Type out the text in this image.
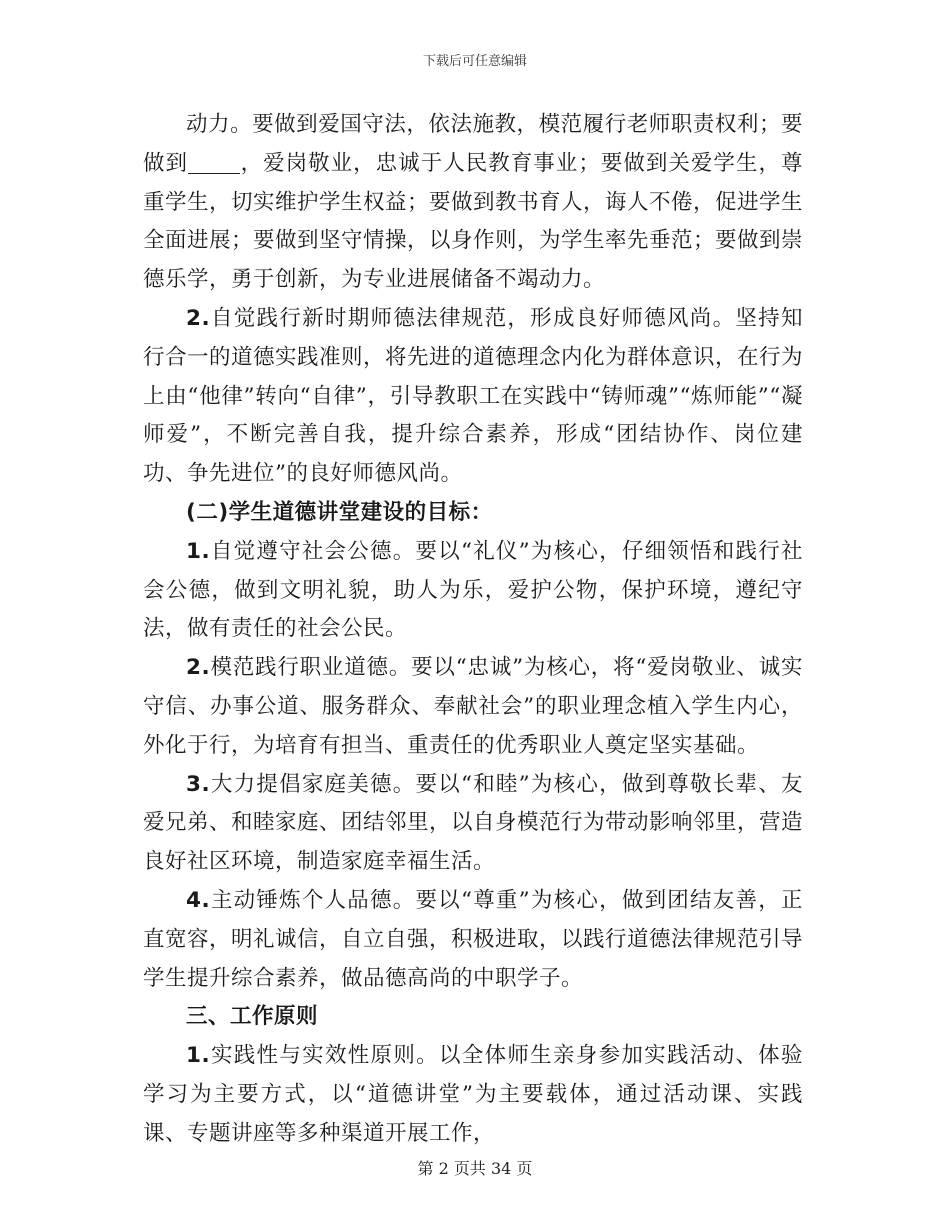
下载后可任意编辑

动力。要做到爱国守法，依法施教，模范履行老师职责权利；要做到 ，爱岗敬业，忠诚于人民教育事业；要做到关爱学生，尊重学生，切实维护学生权益；要做到教书育人，诲人不倦，促进学生全面进展；要做到坚守情操，以身作则，为学生率先垂范；要做到崇德乐学，勇于创新，为专业进展储备不竭动力。

2.自觉践行新时期师德法律规范，形成良好师德风尚。坚持知行合一的道德实践准则，将先进的道德理念内化为群体意识，在行为上由“他律”转向“自律”，引导教职工在实践中“铸师魂”“炼师能”“凝师爱”，不断完善自我，提升综合素养，形成“团结协作、岗位建功、争先进位”的良好师德风尚。

(二)学生道德讲堂建设的目标：

1.自觉遵守社会公德。要以“礼仪”为核心，仔细领悟和践行社会公德，做到文明礼貌，助人为乐，爱护公物，保护环境，遵纪守法，做有责任的社会公民。

2.模范践行职业道德。要以“忠诚”为核心，将“爱岗敬业、诚实守信、办事公道、服务群众、奉献社会”的职业理念植入学生内心，外化于行，为培育有担当、重责任的优秀职业人奠定坚实基础。

3.大力提倡家庭美德。要以“和睦”为核心，做到尊敬长辈、友爱兄弟、和睦家庭、团结邻里，以自身模范行为带动影响邻里，营造良好社区环境，制造家庭幸福生活。

4.主动锤炼个人品德。要以“尊重”为核心，做到团结友善，正直宽容，明礼诚信，自立自强，积极进取，以践行道德法律规范引导学生提升综合素养，做品德高尚的中职学子。

三、工作原则

1.实践性与实效性原则。以全体师生亲身参加实践活动、体验学习为主要方式，以“道德讲堂”为主要载体，通过活动课、实践课、专题讲座等多种渠道开展工作，

第 2 页共 34 页
